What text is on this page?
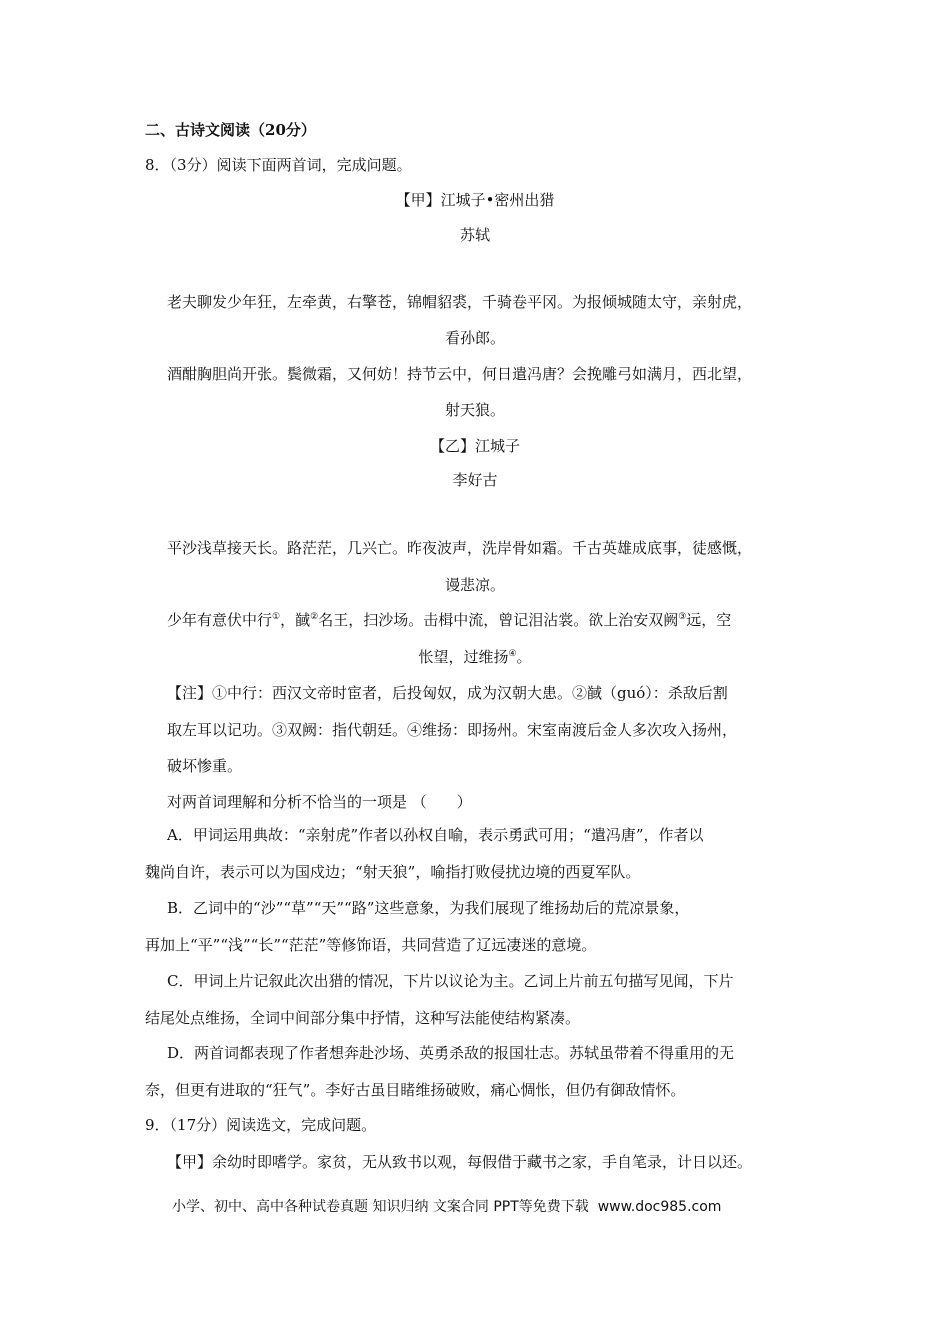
二、古诗文阅读（20分）
8．（3分）阅读下面两首词，完成问题。
【甲】江城子•密州出猎
苏轼
老夫聊发少年狂，左牵黄，右擎苍，锦帽貂裘，千骑卷平冈。为报倾城随太守，亲射虎，
看孙郎。
酒酣胸胆尚开张。鬓微霜，又何妨！持节云中，何日遣冯唐？会挽雕弓如满月，西北望，
射天狼。
【乙】江城子
李好古
平沙浅草接天长。路茫茫，几兴亡。昨夜波声，洗岸骨如霜。千古英雄成底事，徒感慨，
谩悲凉。
少年有意伏中行①，馘②名王，扫沙场。击楫中流，曾记泪沾裳。欲上治安双阙③远，空
怅望，过维扬④。
【注】①中行：西汉文帝时宦者，后投匈奴，成为汉朝大患。②馘（guó）：杀敌后割
取左耳以记功。③双阙：指代朝廷。④维扬：即扬州。宋室南渡后金人多次攻入扬州，
破坏惨重。
对两首词理解和分析不恰当的一项是 （　　）
A．甲词运用典故：“亲射虎”作者以孙权自喻，表示勇武可用；“遣冯唐”，作者以
魏尚自许，表示可以为国戍边；“射天狼”，喻指打败侵扰边境的西夏军队。
B．乙词中的“沙”“草”“天”“路”这些意象，为我们展现了维扬劫后的荒凉景象，
再加上“平”“浅”“长”“茫茫”等修饰语，共同营造了辽远凄迷的意境。
C．甲词上片记叙此次出猎的情况，下片以议论为主。乙词上片前五句描写见闻，下片
结尾处点维扬，全词中间部分集中抒情，这种写法能使结构紧凑。
D．两首词都表现了作者想奔赴沙场、英勇杀敌的报国壮志。苏轼虽带着不得重用的无
奈，但更有进取的“狂气”。李好古虽目睹维扬破败，痛心惆怅，但仍有御敌情怀。
9．（17分）阅读选文，完成问题。
【甲】余幼时即嗜学。家贫，无从致书以观，每假借于藏书之家，手自笔录，计日以还。
小学、初中、高中各种试卷真题 知识归纳 文案合同 PPT等免费下载 www.doc985.com
